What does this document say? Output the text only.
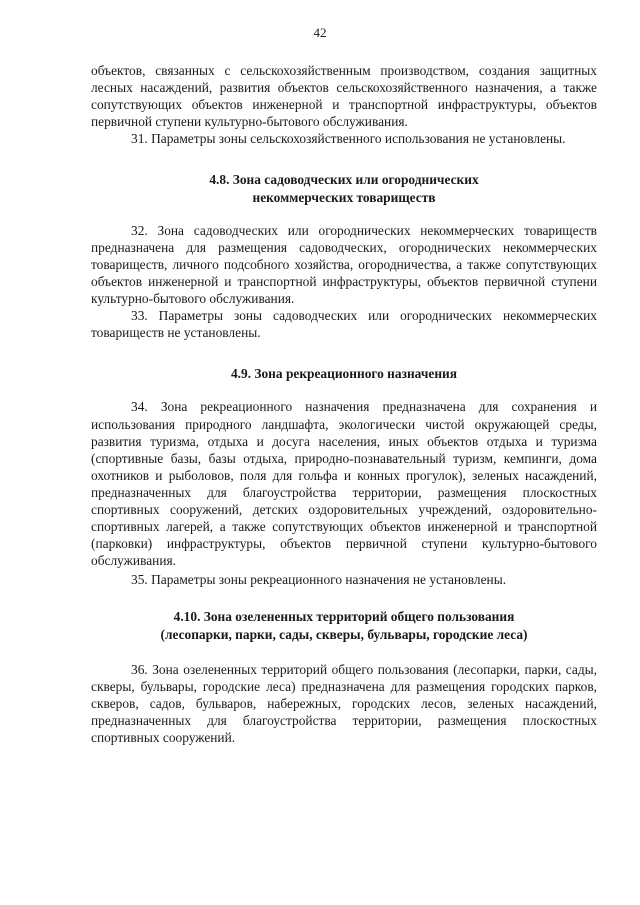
42

объектов, связанных с сельскохозяйственным производством, создания защитных лесных насаждений, развития объектов сельскохозяйственного назначения, а также сопутствующих объектов инженерной и транспортной инфраструктуры, объектов первичной ступени культурно-бытового обслуживания.

31. Параметры зоны сельскохозяйственного использования не установлены.

4.8. Зона садоводческих или огороднических
некоммерческих товариществ

32. Зона садоводческих или огороднических некоммерческих товариществ предназначена для размещения садоводческих, огороднических некоммерческих товариществ, личного подсобного хозяйства, огородничества, а также сопутствующих объектов инженерной и транспортной инфраструктуры, объектов первичной ступени культурно-бытового обслуживания.

33. Параметры зоны садоводческих или огороднических некоммерческих товариществ не установлены.

4.9. Зона рекреационного назначения

34. Зона рекреационного назначения предназначена для сохранения и использования природного ландшафта, экологически чистой окружающей среды, развития туризма, отдыха и досуга населения, иных объектов отдыха и туризма (спортивные базы, базы отдыха, природно-познавательный туризм, кемпинги, дома охотников и рыболовов, поля для гольфа и конных прогулок), зеленых насаждений, предназначенных для благоустройства территории, размещения плоскостных спортивных сооружений, детских оздоровительных учреждений, оздоровительно-спортивных лагерей, а также сопутствующих объектов инженерной и транспортной (парковки) инфраструктуры, объектов первичной ступени культурно-бытового обслуживания.

35. Параметры зоны рекреационного назначения не установлены.

4.10. Зона озелененных территорий общего пользования
(лесопарки, парки, сады, скверы, бульвары, городские леса)

36. Зона озелененных территорий общего пользования (лесопарки, парки, сады, скверы, бульвары, городские леса) предназначена для размещения городских парков, скверов, садов, бульваров, набережных, городских лесов, зеленых насаждений, предназначенных для благоустройства территории, размещения плоскостных спортивных сооружений.
